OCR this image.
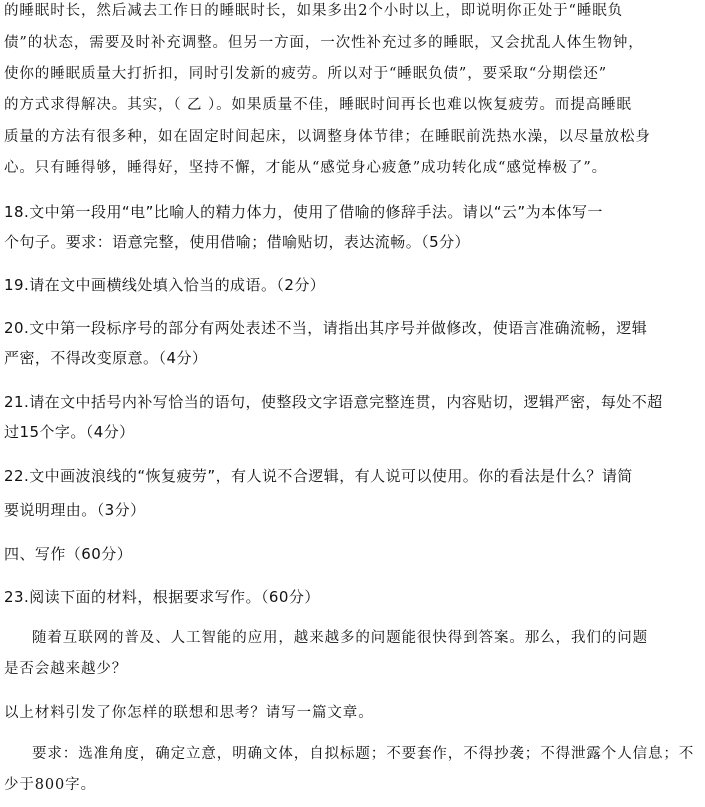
的睡眠时长，然后减去工作日的睡眠时长，如果多出2个小时以上，即说明你正处于“睡眠负
债”的状态，需要及时补充调整。但另一方面，一次性补充过多的睡眠，又会扰乱人体生物钟，
使你的睡眠质量大打折扣，同时引发新的疲劳。所以对于“睡眠负债”，要采取“分期偿还”
的方式求得解决。其实，（ 乙 ）。如果质量不佳，睡眠时间再长也难以恢复疲劳。而提高睡眠
质量的方法有很多种，如在固定时间起床，以调整身体节律；在睡眠前洗热水澡，以尽量放松身
心。只有睡得够，睡得好，坚持不懈，才能从“感觉身心疲惫”成功转化成“感觉棒极了”。
18.文中第一段用“电”比喻人的精力体力，使用了借喻的修辞手法。请以“云”为本体写一
个句子。要求：语意完整，使用借喻；借喻贴切，表达流畅。（5分）
19.请在文中画横线处填入恰当的成语。（2分）
20.文中第一段标序号的部分有两处表述不当，请指出其序号并做修改，使语言准确流畅，逻辑
严密，不得改变原意。（4分）
21.请在文中括号内补写恰当的语句，使整段文字语意完整连贯，内容贴切，逻辑严密，每处不超
过15个字。（4分）
22.文中画波浪线的“恢复疲劳”，有人说不合逻辑，有人说可以使用。你的看法是什么？请简
要说明理由。（3分）
四、写作（60分）
23.阅读下面的材料，根据要求写作。（60分）
随着互联网的普及、人工智能的应用，越来越多的问题能很快得到答案。那么，我们的问题
是否会越来越少？
以上材料引发了你怎样的联想和思考？请写一篇文章。
要求：选准角度，确定立意，明确文体，自拟标题；不要套作，不得抄袭；不得泄露个人信息；不
少于800字。
